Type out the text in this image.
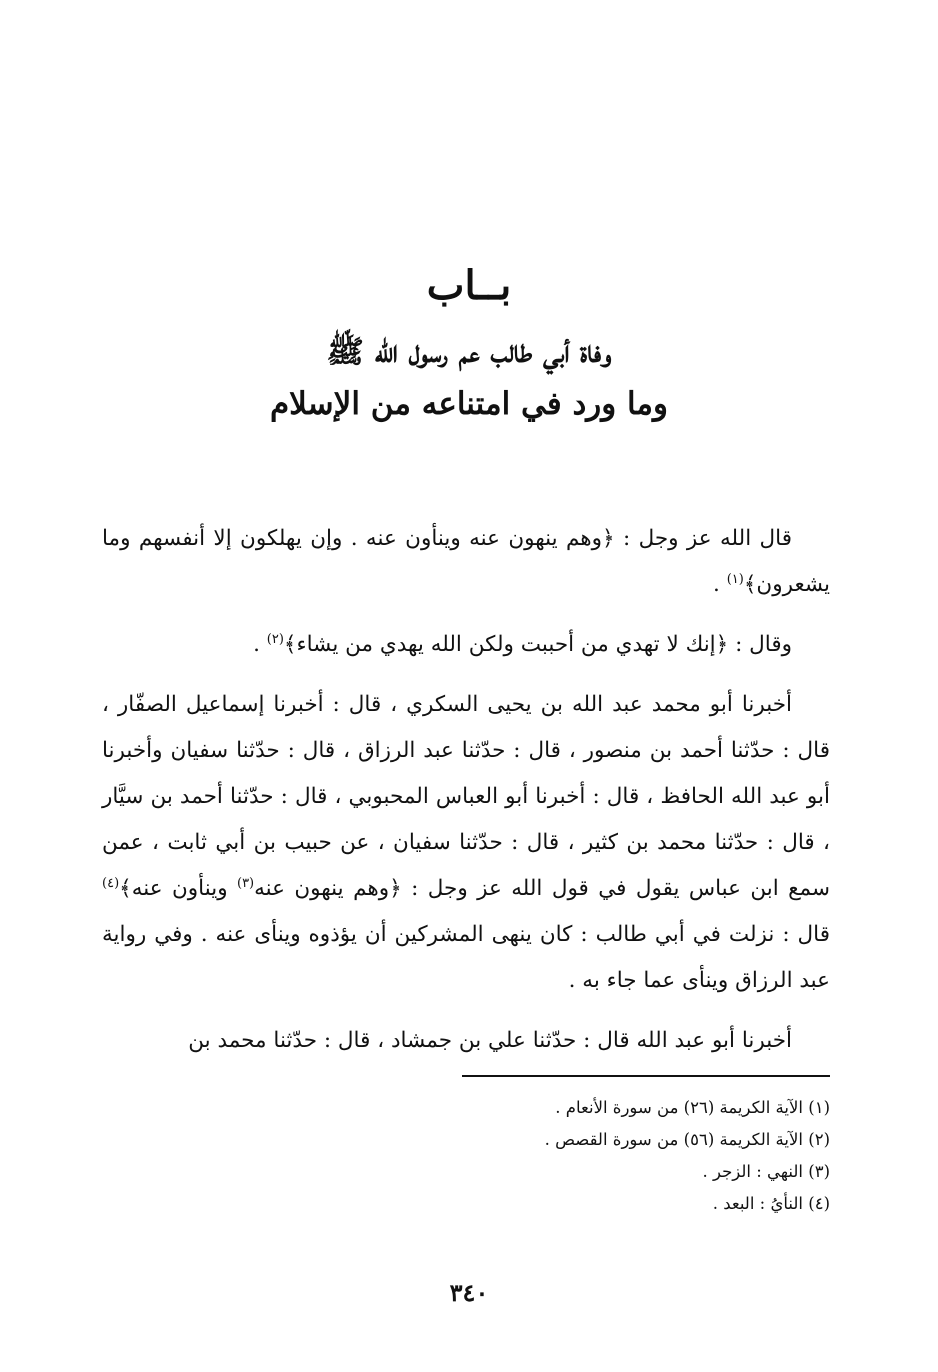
بــاب
وفاة أبي طالب عم رسول الله ﷺ
وما ورد في امتناعه من الإسلام

قال الله عز وجل : ﴿وهم ينهون عنه وينأون عنه . وإن يهلكون إلا أنفسهم وما يشعرون﴾$^{(١)}$ .

وقال : ﴿إنك لا تهدي من أحببت ولكن الله يهدي من يشاء﴾$^{(٢)}$ .

أخبرنا أبو محمد عبد الله بن يحيى السكري ، قال : أخبرنا إسماعيل الصفّار ، قال : حدّثنا أحمد بن منصور ، قال : حدّثنا عبد الرزاق ، قال : حدّثنا سفيان وأخبرنا أبو عبد الله الحافظ ، قال : أخبرنا أبو العباس المحبوبي ، قال : حدّثنا أحمد بن سيَّار ، قال : حدّثنا محمد بن كثير ، قال : حدّثنا سفيان ، عن حبيب بن أبي ثابت ، عمن سمع ابن عباس يقول في قول الله عز وجل : ﴿وهم ينهون عنه$^{(٣)}$ وينأون عنه﴾$^{(٤)}$ قال : نزلت في أبي طالب : كان ينهى المشركين أن يؤذوه وينأى عنه . وفي رواية عبد الرزاق وينأى عما جاء به .

أخبرنا أبو عبد الله قال : حدّثنا علي بن جمشاد ، قال : حدّثنا محمد بن

(١) الآية الكريمة (٢٦) من سورة الأنعام .
(٢) الآية الكريمة (٥٦) من سورة القصص .
(٣) النهي : الزجر .
(٤) النأيُ : البعد .
٣٤٠
